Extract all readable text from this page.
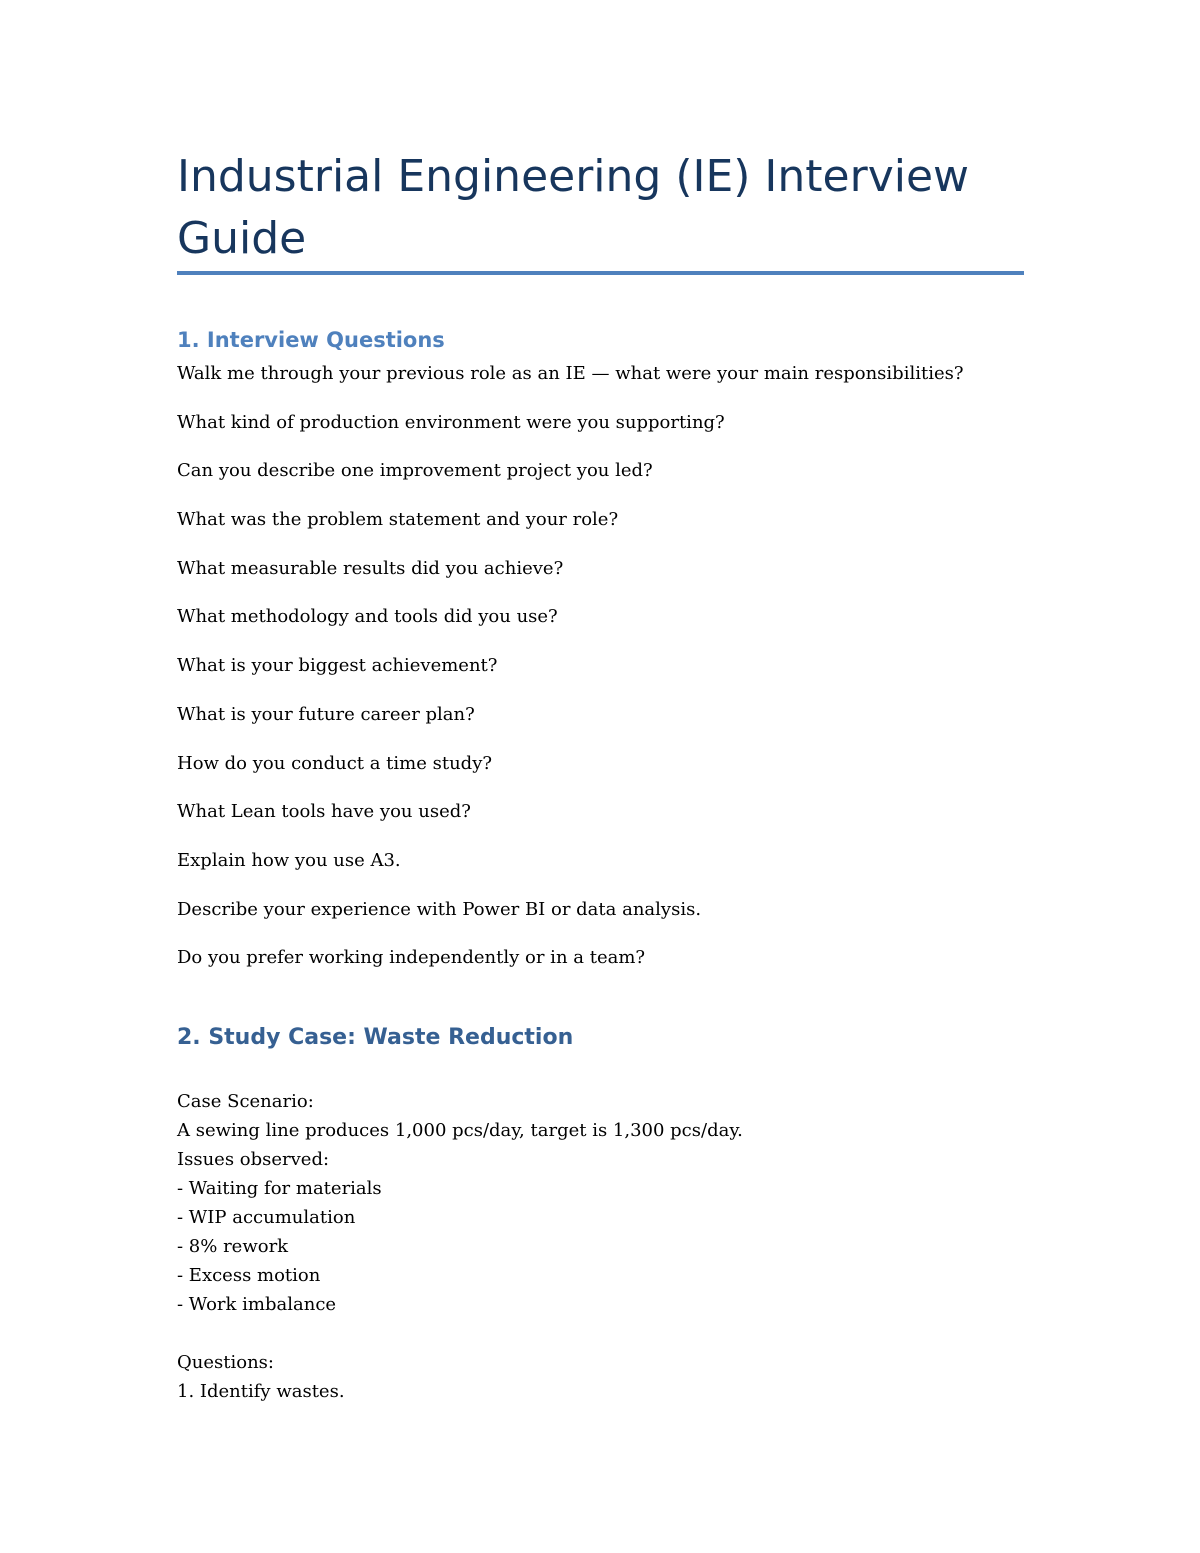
Industrial Engineering (IE) Interview Guide
1. Interview Questions
Walk me through your previous role as an IE — what were your main responsibilities?
What kind of production environment were you supporting?
Can you describe one improvement project you led?
What was the problem statement and your role?
What measurable results did you achieve?
What methodology and tools did you use?
What is your biggest achievement?
What is your future career plan?
How do you conduct a time study?
What Lean tools have you used?
Explain how you use A3.
Describe your experience with Power BI or data analysis.
Do you prefer working independently or in a team?
2. Study Case: Waste Reduction
Case Scenario:
A sewing line produces 1,000 pcs/day, target is 1,300 pcs/day.
Issues observed:
- Waiting for materials
- WIP accumulation
- 8% rework
- Excess motion
- Work imbalance
Questions:
1. Identify wastes.
